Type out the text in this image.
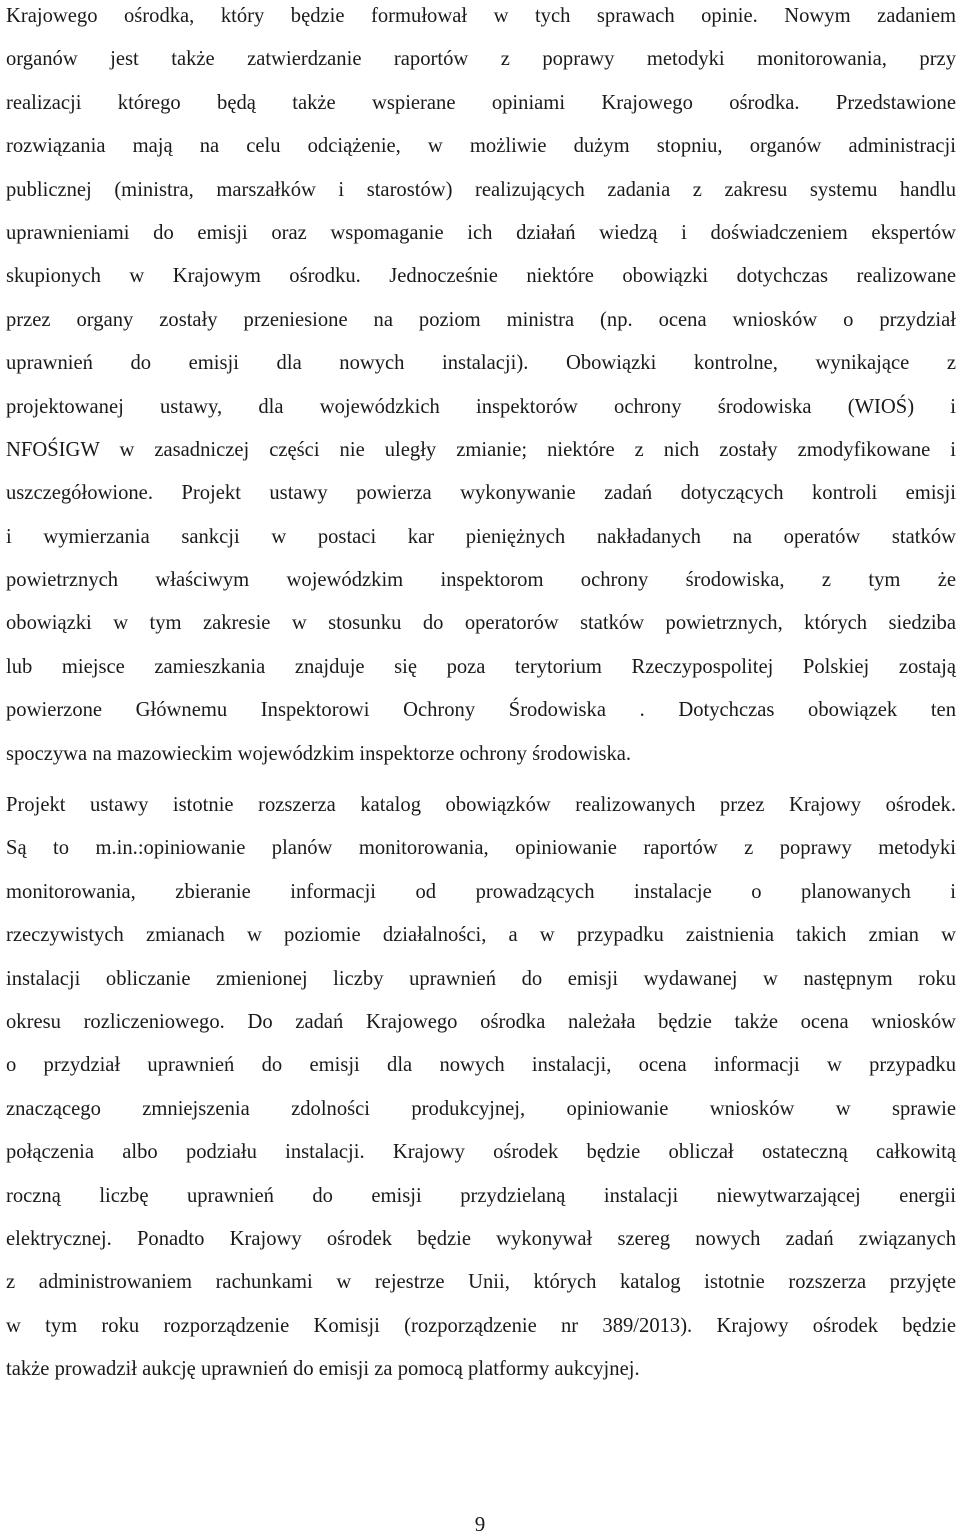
Krajowego ośrodka, który będzie formułował w tych sprawach opinie. Nowym zadaniem
organów jest także zatwierdzanie raportów z poprawy metodyki monitorowania, przy
realizacji którego będą także wspierane opiniami Krajowego ośrodka. Przedstawione
rozwiązania mają na celu odciążenie, w możliwie dużym stopniu, organów administracji
publicznej (ministra, marszałków i starostów) realizujących zadania z zakresu systemu handlu
uprawnieniami do emisji oraz wspomaganie ich działań wiedzą i doświadczeniem ekspertów
skupionych w Krajowym ośrodku. Jednocześnie niektóre obowiązki dotychczas realizowane
przez organy zostały przeniesione na poziom ministra (np. ocena wniosków o przydział
uprawnień do emisji dla nowych instalacji). Obowiązki kontrolne, wynikające z
projektowanej ustawy, dla wojewódzkich inspektorów ochrony środowiska (WIOŚ) i
NFOŚIGW w zasadniczej części nie uległy zmianie; niektóre z nich zostały zmodyfikowane i
uszczegółowione. Projekt ustawy powierza wykonywanie zadań dotyczących kontroli emisji
i wymierzania sankcji w postaci kar pieniężnych nakładanych na operatów statków
powietrznych właściwym wojewódzkim inspektorom ochrony środowiska, z tym że
obowiązki w tym zakresie w stosunku do operatorów statków powietrznych, których siedziba
lub miejsce zamieszkania znajduje się poza terytorium Rzeczypospolitej Polskiej zostają
powierzone Głównemu Inspektorowi Ochrony Środowiska . Dotychczas obowiązek ten
spoczywa na mazowieckim wojewódzkim inspektorze ochrony środowiska.
Projekt ustawy istotnie rozszerza katalog obowiązków realizowanych przez Krajowy ośrodek.
Są to m.in.:opiniowanie planów monitorowania, opiniowanie raportów z poprawy metodyki
monitorowania, zbieranie informacji od prowadzących instalacje o planowanych i
rzeczywistych zmianach w poziomie działalności, a w przypadku zaistnienia takich zmian w
instalacji obliczanie zmienionej liczby uprawnień do emisji wydawanej w następnym roku
okresu rozliczeniowego. Do zadań Krajowego ośrodka należała będzie także ocena wniosków
o przydział uprawnień do emisji dla nowych instalacji, ocena informacji w przypadku
znaczącego zmniejszenia zdolności produkcyjnej, opiniowanie wniosków w sprawie
połączenia albo podziału instalacji. Krajowy ośrodek będzie obliczał ostateczną całkowitą
roczną liczbę uprawnień do emisji przydzielaną instalacji niewytwarzającej energii
elektrycznej. Ponadto Krajowy ośrodek będzie wykonywał szereg nowych zadań związanych
z administrowaniem rachunkami w rejestrze Unii, których katalog istotnie rozszerza przyjęte
w tym roku rozporządzenie Komisji (rozporządzenie nr 389/2013). Krajowy ośrodek będzie
także prowadził aukcję uprawnień do emisji za pomocą platformy aukcyjnej.
9
